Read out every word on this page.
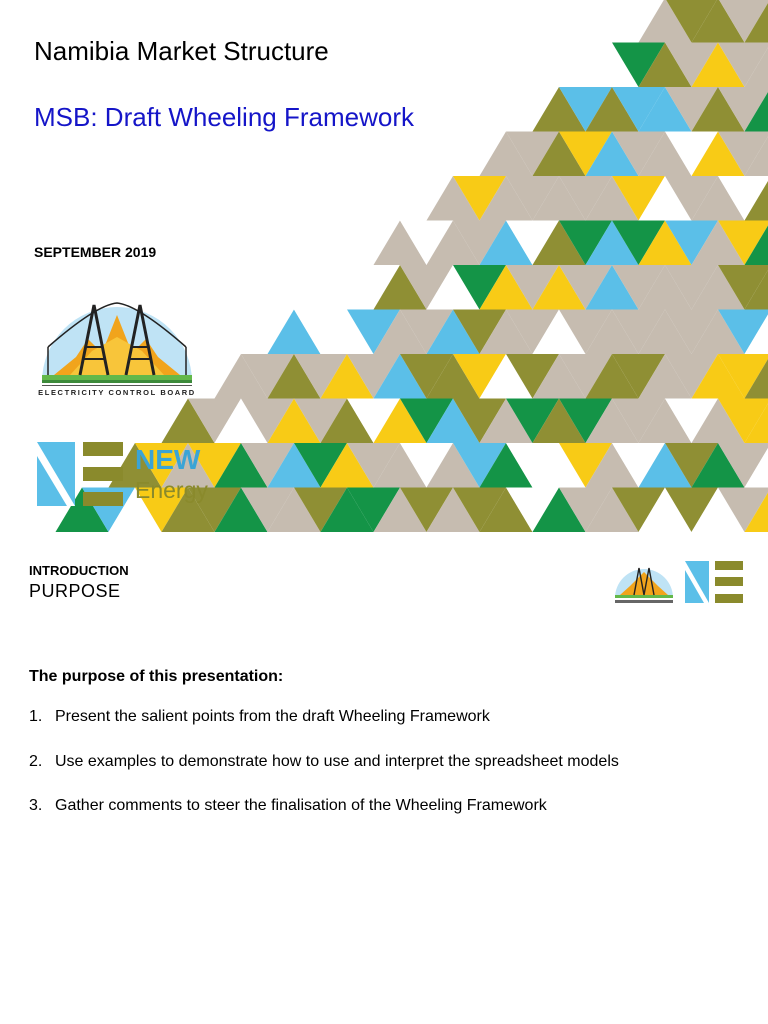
Namibia Market Structure
MSB: Draft Wheeling Framework
SEPTEMBER 2019
ELECTRICITY CONTROL BOARD
NEW
Energy
INTRODUCTION
PURPOSE
The purpose of this presentation:
1. Present the salient points from the draft Wheeling Framework
2. Use examples to demonstrate how to use and interpret the spreadsheet models
3. Gather comments to steer the finalisation of the Wheeling Framework
